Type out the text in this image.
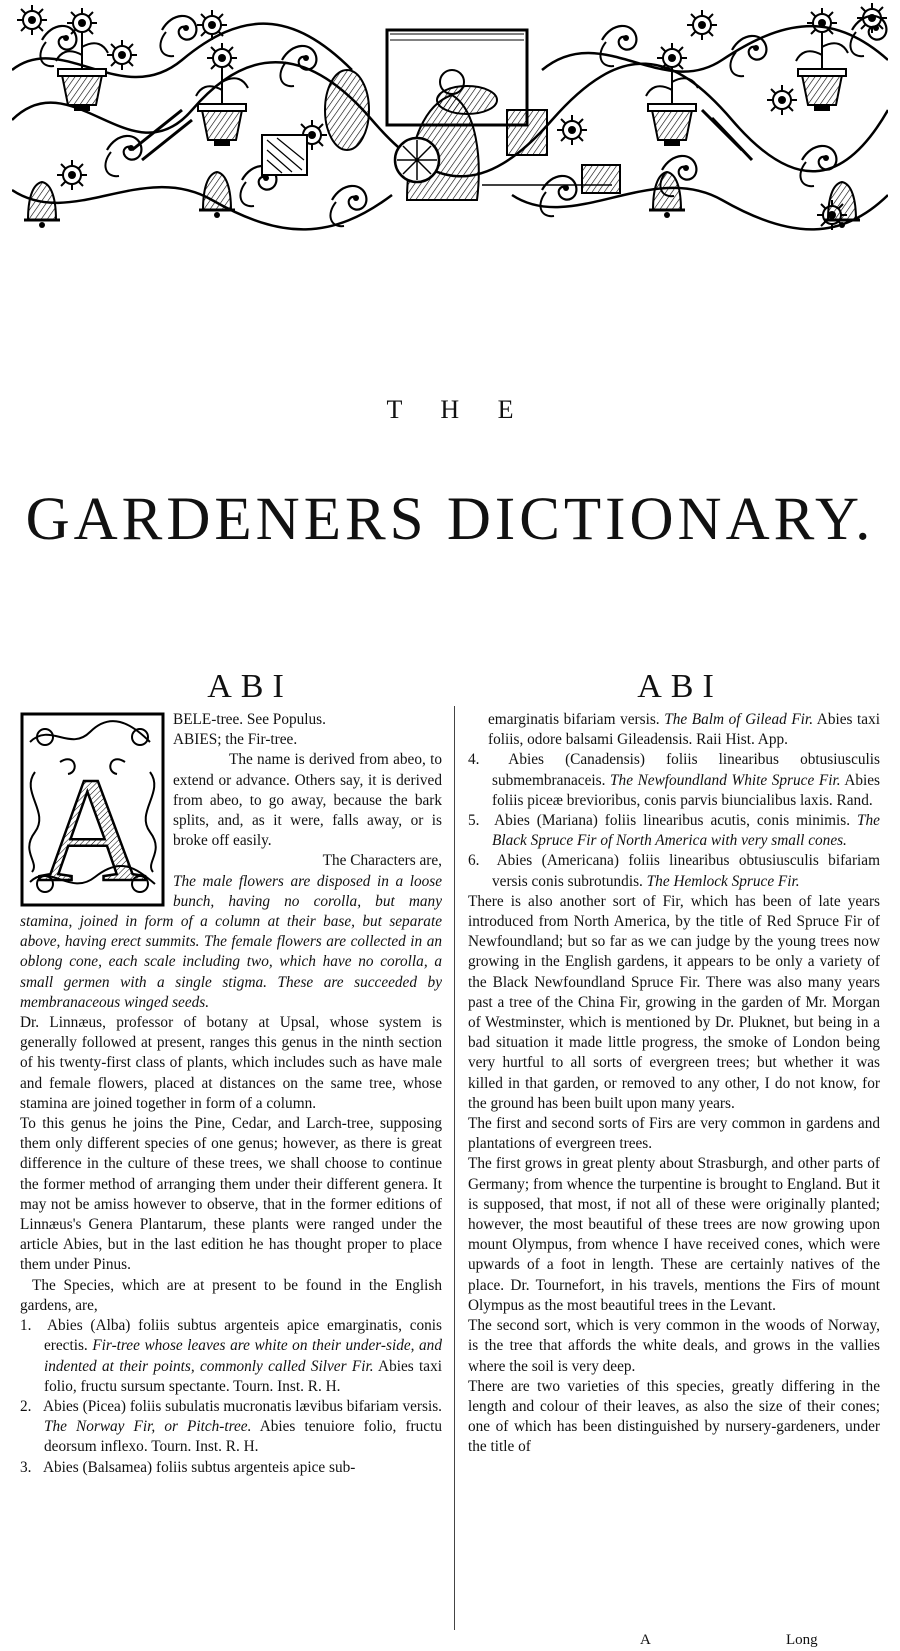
T H E
GARDENERS DICTIONARY.
ABI	ABI
A

BELE-tree. See Populus.

ABIES; the Fir-tree.

The name is derived from abeo, to extend or advance. Others say, it is derived from abeo, to go away, because the bark splits, and, as it were, falls away, or is broke off easily.

The Characters are,
The male flowers are disposed in a loose bunch, having no corolla, but many stamina, joined in form of a column at their base, but separate above, having erect summits. The female flowers are collected in an oblong cone, each scale including two, which have no corolla, a small germen with a single stigma. These are succeeded by membranaceous winged seeds.

Dr. Linnæus, professor of botany at Upsal, whose system is generally followed at present, ranges this genus in the ninth section of his twenty-first class of plants, which includes such as have male and female flowers, placed at distances on the same tree, whose stamina are joined together in form of a column.

To this genus he joins the Pine, Cedar, and Larch-tree, supposing them only different species of one genus; however, as there is great difference in the culture of these trees, we shall choose to continue the former method of arranging them under their different genera. It may not be amiss however to observe, that in the former editions of Linnæus's Genera Plantarum, these plants were ranged under the article Abies, but in the last edition he has thought proper to place them under Pinus.

The Species, which are at present to be found in the English gardens, are,

1. Abies (Alba) foliis subtus argenteis apice emarginatis, conis erectis. Fir-tree whose leaves are white on their under-side, and indented at their points, commonly called Silver Fir. Abies taxi folio, fructu sursum spectante. Tourn. Inst. R. H.

2. Abies (Picea) foliis subulatis mucronatis lævibus bifariam versis. The Norway Fir, or Pitch-tree. Abies tenuiore folio, fructu deorsum inflexo. Tourn. Inst. R. H.

3. Abies (Balsamea) foliis subtus argenteis apice sub-

emarginatis bifariam versis. The Balm of Gilead Fir. Abies taxi foliis, odore balsami Gileadensis. Raii Hist. App.

4. Abies (Canadensis) foliis linearibus obtusiusculis submembranaceis. The Newfoundland White Spruce Fir. Abies foliis piceæ brevioribus, conis parvis biuncialibus laxis. Rand.

5. Abies (Mariana) foliis linearibus acutis, conis minimis. The Black Spruce Fir of North America with very small cones.

6. Abies (Americana) foliis linearibus obtusiusculis bifariam versis conis subrotundis. The Hemlock Spruce Fir.

There is also another sort of Fir, which has been of late years introduced from North America, by the title of Red Spruce Fir of Newfoundland; but so far as we can judge by the young trees now growing in the English gardens, it appears to be only a variety of the Black Newfoundland Spruce Fir. There was also many years past a tree of the China Fir, growing in the garden of Mr. Morgan of Westminster, which is mentioned by Dr. Pluknet, but being in a bad situation it made little progress, the smoke of London being very hurtful to all sorts of evergreen trees; but whether it was killed in that garden, or removed to any other, I do not know, for the ground has been built upon many years.

The first and second sorts of Firs are very common in gardens and plantations of evergreen trees.

The first grows in great plenty about Strasburgh, and other parts of Germany; from whence the turpentine is brought to England. But it is supposed, that most, if not all of these were originally planted; however, the most beautiful of these trees are now growing upon mount Olympus, from whence I have received cones, which were upwards of a foot in length. These are certainly natives of the place. Dr. Tournefort, in his travels, mentions the Firs of mount Olympus as the most beautiful trees in the Levant.

The second sort, which is very common in the woods of Norway, is the tree that affords the white deals, and grows in the vallies where the soil is very deep.

There are two varieties of this species, greatly differing in the length and colour of their leaves, as also the size of their cones; one of which has been distinguished by nursery-gardeners, under the title of

A	Long
